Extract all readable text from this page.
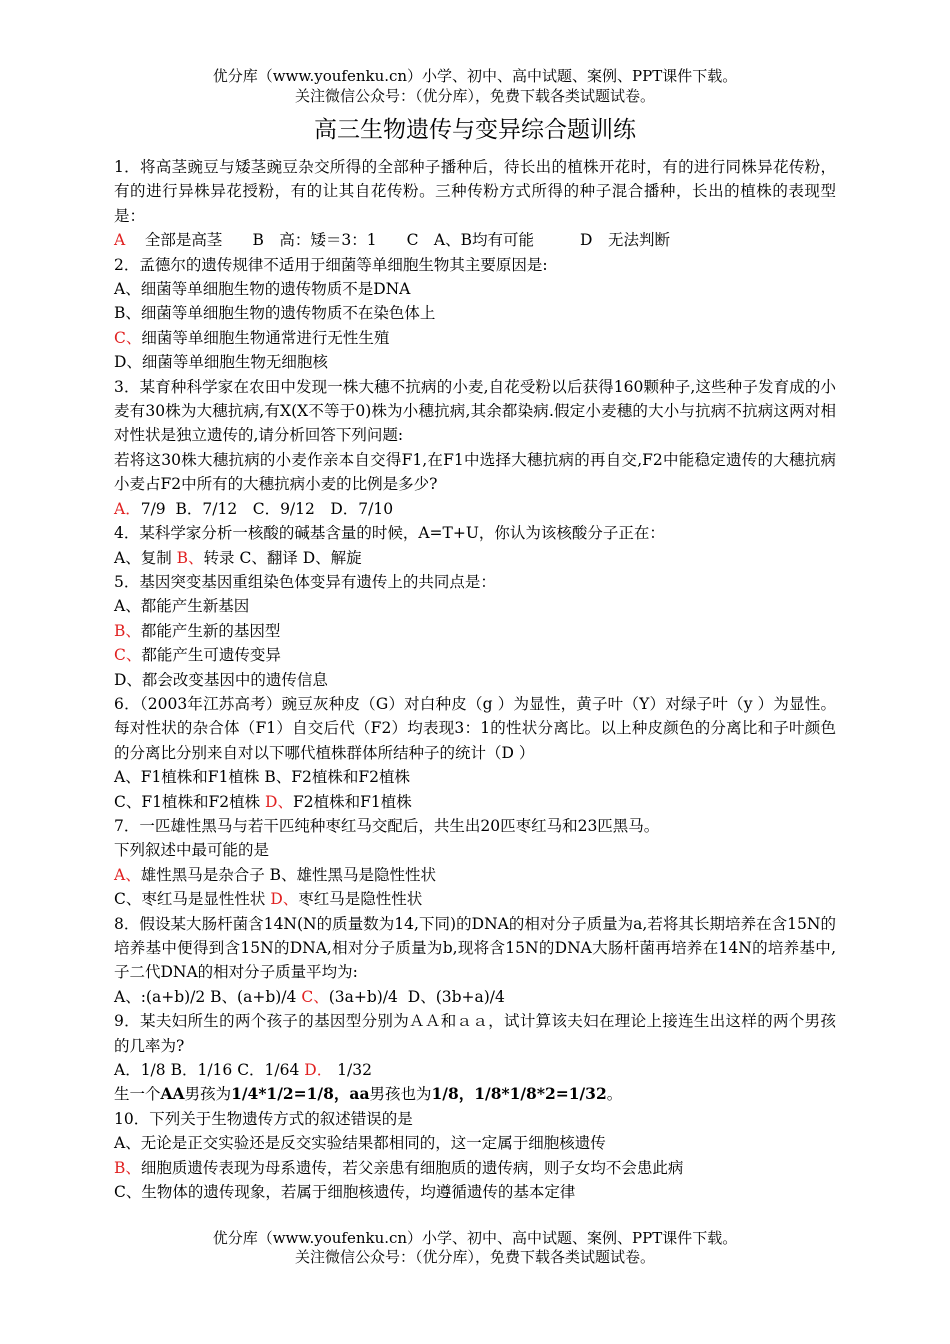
优分库（www.youfenku.cn）小学、初中、高中试题、案例、PPT课件下载。
关注微信公众号：（优分库），免费下载各类试题试卷。
高三生物遗传与变异综合题训练

1．将高茎豌豆与矮茎豌豆杂交所得的全部种子播种后，待长出的植株开花时，有的进行同株异花传粉，有的进行异株异花授粉，有的让其自花传粉。三种传粉方式所得的种子混合播种，长出的植株的表现型是：

A 全部是高茎 B　高：矮＝3：1 C　A、B均有可能	D　无法判断

2．孟德尔的遗传规律不适用于细菌等单细胞生物其主要原因是:

A、细菌等单细胞生物的遗传物质不是DNA

B、细菌等单细胞生物的遗传物质不在染色体上

C、细菌等单细胞生物通常进行无性生殖

D、细菌等单细胞生物无细胞核

3．某育种科学家在农田中发现一株大穗不抗病的小麦,自花受粉以后获得160颗种子,这些种子发育成的小麦有30株为大穗抗病,有X(X不等于0)株为小穗抗病,其余都染病.假定小麦穗的大小与抗病不抗病这两对相对性状是独立遗传的,请分析回答下列问题:

若将这30株大穗抗病的小麦作亲本自交得F1,在F1中选择大穗抗病的再自交,F2中能稳定遗传的大穗抗病小麦占F2中所有的大穗抗病小麦的比例是多少?

A．7/9 B．7/12　C．9/12　D．7/10

4．某科学家分析一核酸的碱基含量的时候，A=T+U，你认为该核酸分子正在：

A、复制 B、转录 C、翻译 D、解旋

5．基因突变基因重组染色体变异有遗传上的共同点是：

A、都能产生新基因

B、都能产生新的基因型

C、都能产生可遗传变异

D、都会改变基因中的遗传信息

6．（2003年江苏高考）豌豆灰种皮（G）对白种皮（g ）为显性，黄子叶（Y）对绿子叶（y ）为显性。每对性状的杂合体（F1）自交后代（F2）均表现3：1的性状分离比。以上种皮颜色的分离比和子叶颜色的分离比分别来自对以下哪代植株群体所结种子的统计（D ）

A、F1植株和F1植株 B、F2植株和F2植株

C、F1植株和F2植株 D、F2植株和F1植株

7．一匹雄性黑马与若干匹纯种枣红马交配后，共生出20匹枣红马和23匹黑马。

下列叙述中最可能的是

A、雄性黑马是杂合子 B、雄性黑马是隐性性状

C、枣红马是显性性状 D、枣红马是隐性性状

8．假设某大肠杆菌含14N(N的质量数为14,下同)的DNA的相对分子质量为a,若将其长期培养在含15N的培养基中便得到含15N的DNA,相对分子质量为b,现将含15N的DNA大肠杆菌再培养在14N的培养基中,子二代DNA的相对分子质量平均为:

A、:(a+b)/2 B、(a+b)/4 C、(3a+b)/4 D、(3b+a)/4

9．某夫妇所生的两个孩子的基因型分别为ＡＡ和ａａ，试计算该夫妇在理论上接连生出这样的两个男孩的几率为?

A．1/8 B．1/16 C．1/64 D． 1/32

生一个AA男孩为1/4*1/2=1/8，aa男孩也为1/8，1/8*1/8*2=1/32。

10．下列关于生物遗传方式的叙述错误的是

A、无论是正交实验还是反交实验结果都相同的，这一定属于细胞核遗传

B、细胞质遗传表现为母系遗传，若父亲患有细胞质的遗传病，则子女均不会患此病

C、生物体的遗传现象，若属于细胞核遗传，均遵循遗传的基本定律

优分库（www.youfenku.cn）小学、初中、高中试题、案例、PPT课件下载。
关注微信公众号：（优分库），免费下载各类试题试卷。
